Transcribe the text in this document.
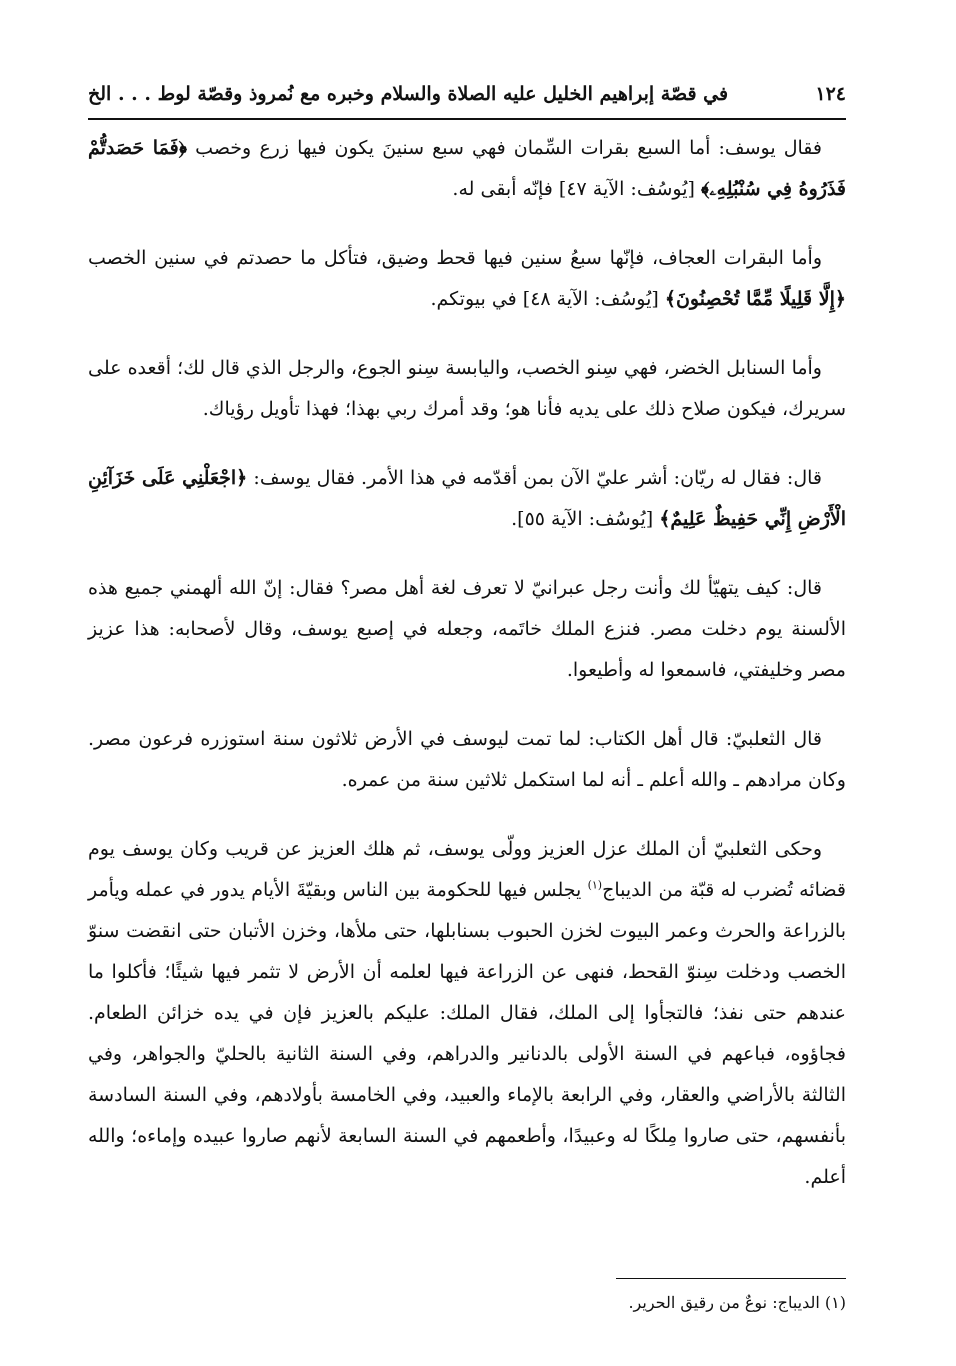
١٢٤
في قصّة إبراهيم الخليل عليه الصلاة والسلام وخبره مع نُمروذ وقصّة لوط . . . الخ

فقال يوسف: أما السبع بقرات السِّمان فهي سبع سنينَ يكون فيها زرع وخصب ﴿فَمَا حَصَدتُّمْ فَذَرُوهُ فِي سُنْبُلِهِۦ﴾ [يُوسُف: الآية ٤٧] فإنّه أبقى له.

وأما البقرات العجاف، فإنّها سبعُ سنين فيها قحط وضيق، فتأكل ما حصدتم في سنين الخصب ﴿إِلَّا قَلِيلًا مِّمَّا تُحْصِنُونَ﴾ [يُوسُف: الآية ٤٨] في بيوتكم.

وأما السنابل الخضر، فهي سِنو الخصب، واليابسة سِنو الجوع، والرجل الذي قال لك؛ أقعده على سريرك، فيكون صلاح ذلك على يديه فأنا هو؛ وقد أمرك ربي بهذا؛ فهذا تأويل رؤياك.

قال: فقال له ريّان: أشر عليّ الآن بمن أقدّمه في هذا الأمر. فقال يوسف: ﴿اجْعَلْنِي عَلَى خَزَآئِنِ الْأَرْضِ إِنِّي حَفِيظٌ عَلِيمٌ﴾ [يُوسُف: الآية ٥٥].

قال: كيف يتهيّأ لك وأنت رجل عبرانيّ لا تعرف لغة أهل مصر؟ فقال: إنّ الله ألهمني جميع هذه الألسنة يوم دخلت مصر. فنزع الملك خاتَمه، وجعله في إصبع يوسف، وقال لأصحابه: هذا عزيز مصر وخليفتي، فاسمعوا له وأطيعوا.

قال الثعلبيّ: قال أهل الكتاب: لما تمت ليوسف في الأرض ثلاثون سنة استوزره فرعون مصر. وكان مرادهم ـ والله أعلم ـ أنه لما استكمل ثلاثين سنة من عمره.

وحكى الثعلبيّ أن الملك عزل العزيز وولّى يوسف، ثم هلك العزيز عن قريب وكان يوسف يوم قضائه تُضرب له قبّة من الديباج$^{(١)}$ يجلس فيها للحكومة بين الناس وبقيّةَ الأيام يدور في عمله ويأمر بالزراعة والحرث وعمر البيوت لخزن الحبوب بسنابلها، حتى ملأها، وخزن الأتبان حتى انقضت سنوّ الخصب ودخلت سِنوّ القحط، فنهى عن الزراعة فيها لعلمه أن الأرض لا تثمر فيها شيئًا؛ فأكلوا ما عندهم حتى نفذ؛ فالتجأوا إلى الملك، فقال الملك: عليكم بالعزيز فإن في يده خزائن الطعام. فجاؤوه، فباعهم في السنة الأولى بالدنانير والدراهم، وفي السنة الثانية بالحليّ والجواهر، وفي الثالثة بالأراضي والعقار، وفي الرابعة بالإماء والعبيد، وفي الخامسة بأولادهم، وفي السنة السادسة بأنفسهم، حتى صاروا مِلكًا له وعبيدًا، وأطعمهم في السنة السابعة لأنهم صاروا عبيده وإماءه؛ والله أعلم.

(١) الديباج: نوعٌ من رقيق الحرير.
